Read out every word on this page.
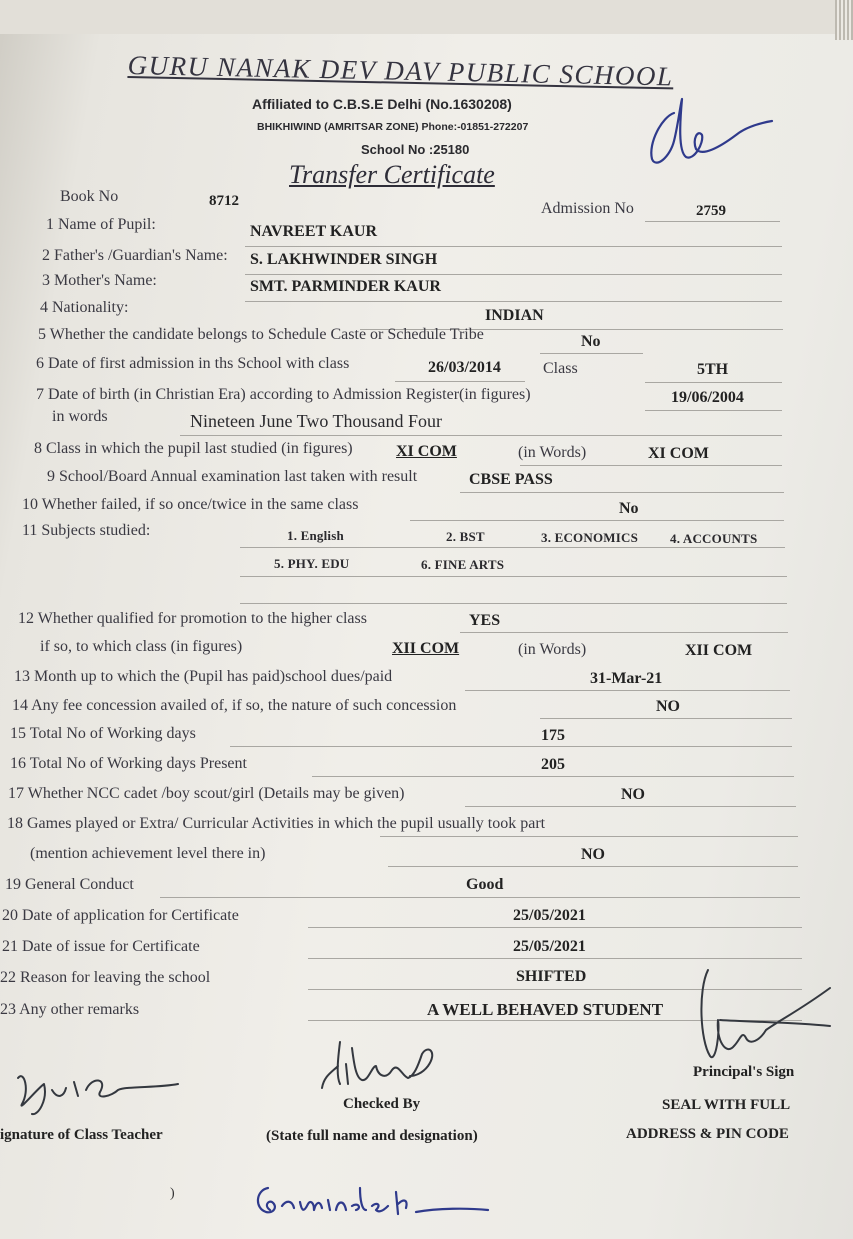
GURU NANAK DEV DAV PUBLIC SCHOOL
Affiliated to C.B.S.E Delhi (No.1630208)
BHIKHIWIND (AMRITSAR ZONE) Phone:-01851-272207
School No :25180
Transfer Certificate
Book No	8712	Admission No	2759
1 Name of Pupil:	NAVREET KAUR
2 Father's /Guardian's Name: S. LAKHWINDER SINGH
3 Mother's Name:	SMT. PARMINDER KAUR
4 Nationality:	INDIAN
5 Whether the candidate belongs to Schedule Caste or Schedule Tribe	No
6 Date of first admission in ths School with class	26/03/2014	Class	5TH
7 Date of birth (in Christian Era) according to Admission Register(in figures)	19/06/2004
in words	Nineteen June Two Thousand Four
8 Class in which the pupil last studied (in figures)	XI COM	(in Words)	XI COM
9 School/Board Annual examination last taken with result	CBSE PASS
10 Whether failed, if so once/twice in the same class	No
11 Subjects studied:	1. English	2. BST	3. ECONOMICS 4. ACCOUNTS
5. PHY. EDU	6. FINE ARTS
12 Whether qualified for promotion to the higher class	YES
if so, to which class (in figures)	XII COM	(in Words)	XII COM
13 Month up to which the (Pupil has paid)school dues/paid	31-Mar-21
14 Any fee concession availed of, if so, the nature of such concession	NO
15 Total No of Working days	175
16 Total No of Working days Present	205
17 Whether NCC cadet /boy scout/girl (Details may be given)	NO
18 Games played or Extra/ Curricular Activities in which the pupil usually took part
(mention achievement level there in)	NO
19 General Conduct	Good
20 Date of application for Certificate	25/05/2021
21 Date of issue for Certificate	25/05/2021
22 Reason for leaving the school	SHIFTED
23 Any other remarks	A WELL BEHAVED STUDENT
ignature of Class Teacher
Checked By
(State full name and designation)
Principal's Sign
SEAL WITH FULL
ADDRESS & PIN CODE
)
